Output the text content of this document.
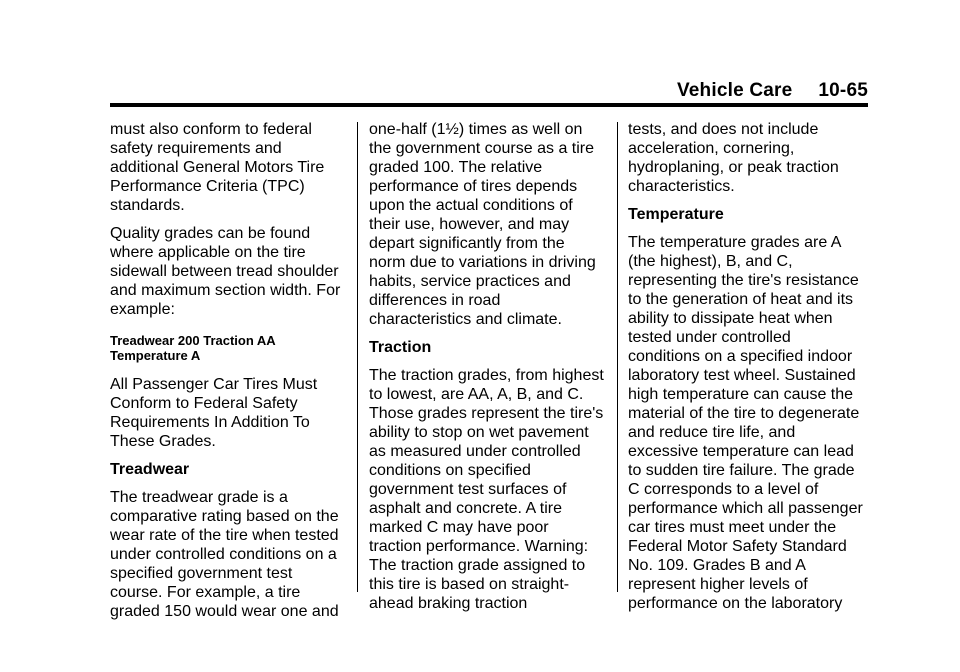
Vehicle Care 10-65

must also conform to federal safety requirements and additional General Motors Tire Performance Criteria (TPC) standards.

Quality grades can be found where applicable on the tire sidewall between tread shoulder and maximum section width. For example:

Treadwear 200 Traction AA Temperature A

All Passenger Car Tires Must Conform to Federal Safety Requirements In Addition To These Grades.

Treadwear

The treadwear grade is a comparative rating based on the wear rate of the tire when tested under controlled conditions on a specified government test course. For example, a tire graded 150 would wear one and

one-half (1½) times as well on the government course as a tire graded 100. The relative performance of tires depends upon the actual conditions of their use, however, and may depart significantly from the norm due to variations in driving habits, service practices and differences in road characteristics and climate.

Traction

The traction grades, from highest to lowest, are AA, A, B, and C. Those grades represent the tire's ability to stop on wet pavement as measured under controlled conditions on specified government test surfaces of asphalt and concrete. A tire marked C may have poor traction performance. Warning: The traction grade assigned to this tire is based on straight-ahead braking traction

tests, and does not include acceleration, cornering, hydroplaning, or peak traction characteristics.

Temperature

The temperature grades are A (the highest), B, and C, representing the tire's resistance to the generation of heat and its ability to dissipate heat when tested under controlled conditions on a specified indoor laboratory test wheel. Sustained high temperature can cause the material of the tire to degenerate and reduce tire life, and excessive temperature can lead to sudden tire failure. The grade C corresponds to a level of performance which all passenger car tires must meet under the Federal Motor Safety Standard No. 109. Grades B and A represent higher levels of performance on the laboratory
